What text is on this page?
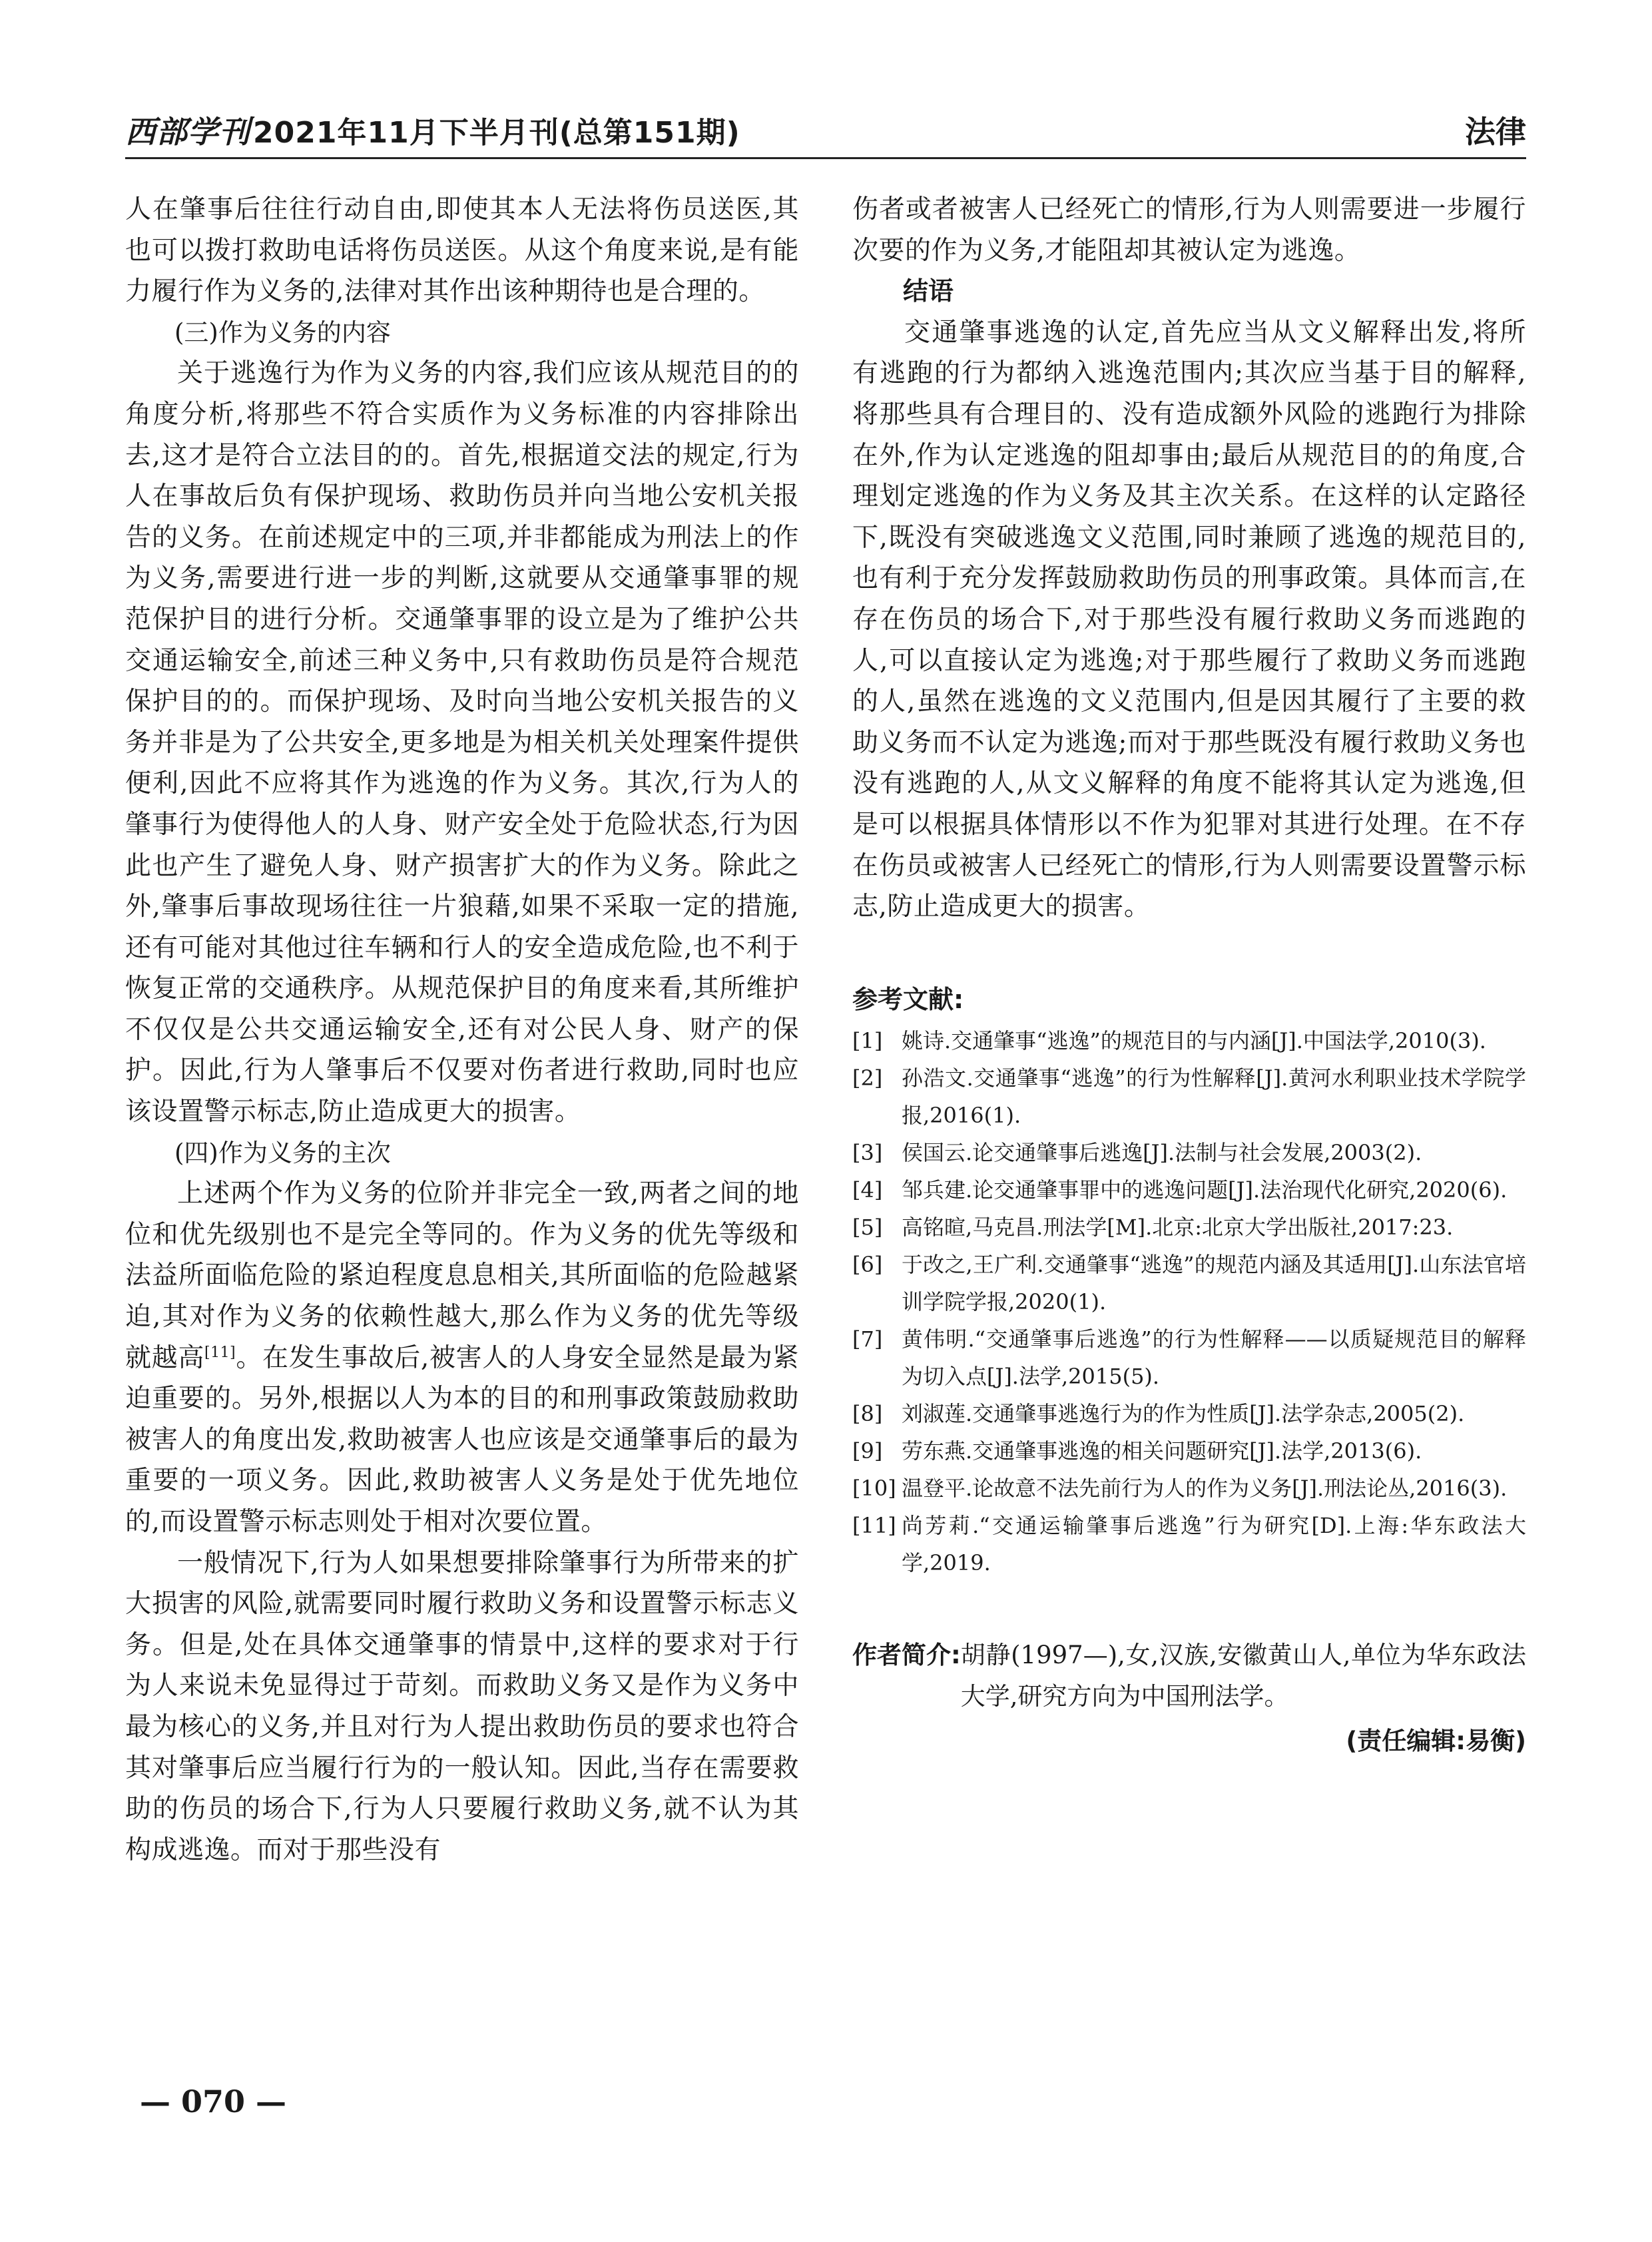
西部学刊2021年11月下半月刊(总第151期)	法律

人在肇事后往往行动自由,即使其本人无法将伤员送医,其也可以拨打救助电话将伤员送医。从这个角度来说,是有能力履行作为义务的,法律对其作出该种期待也是合理的。

(三)作为义务的内容

关于逃逸行为作为义务的内容,我们应该从规范目的的角度分析,将那些不符合实质作为义务标准的内容排除出去,这才是符合立法目的的。首先,根据道交法的规定,行为人在事故后负有保护现场、救助伤员并向当地公安机关报告的义务。在前述规定中的三项,并非都能成为刑法上的作为义务,需要进行进一步的判断,这就要从交通肇事罪的规范保护目的进行分析。交通肇事罪的设立是为了维护公共交通运输安全,前述三种义务中,只有救助伤员是符合规范保护目的的。而保护现场、及时向当地公安机关报告的义务并非是为了公共安全,更多地是为相关机关处理案件提供便利,因此不应将其作为逃逸的作为义务。其次,行为人的肇事行为使得他人的人身、财产安全处于危险状态,行为因此也产生了避免人身、财产损害扩大的作为义务。除此之外,肇事后事故现场往往一片狼藉,如果不采取一定的措施,还有可能对其他过往车辆和行人的安全造成危险,也不利于恢复正常的交通秩序。从规范保护目的角度来看,其所维护不仅仅是公共交通运输安全,还有对公民人身、财产的保护。因此,行为人肇事后不仅要对伤者进行救助,同时也应该设置警示标志,防止造成更大的损害。

(四)作为义务的主次

上述两个作为义务的位阶并非完全一致,两者之间的地位和优先级别也不是完全等同的。作为义务的优先等级和法益所面临危险的紧迫程度息息相关,其所面临的危险越紧迫,其对作为义务的依赖性越大,那么作为义务的优先等级就越高[11]。在发生事故后,被害人的人身安全显然是最为紧迫重要的。另外,根据以人为本的目的和刑事政策鼓励救助被害人的角度出发,救助被害人也应该是交通肇事后的最为重要的一项义务。因此,救助被害人义务是处于优先地位的,而设置警示标志则处于相对次要位置。

一般情况下,行为人如果想要排除肇事行为所带来的扩大损害的风险,就需要同时履行救助义务和设置警示标志义务。但是,处在具体交通肇事的情景中,这样的要求对于行为人来说未免显得过于苛刻。而救助义务又是作为义务中最为核心的义务,并且对行为人提出救助伤员的要求也符合其对肇事后应当履行行为的一般认知。因此,当存在需要救助的伤员的场合下,行为人只要履行救助义务,就不认为其构成逃逸。而对于那些没有

伤者或者被害人已经死亡的情形,行为人则需要进一步履行次要的作为义务,才能阻却其被认定为逃逸。

结语

交通肇事逃逸的认定,首先应当从文义解释出发,将所有逃跑的行为都纳入逃逸范围内;其次应当基于目的解释,将那些具有合理目的、没有造成额外风险的逃跑行为排除在外,作为认定逃逸的阻却事由;最后从规范目的的角度,合理划定逃逸的作为义务及其主次关系。在这样的认定路径下,既没有突破逃逸文义范围,同时兼顾了逃逸的规范目的,也有利于充分发挥鼓励救助伤员的刑事政策。具体而言,在存在伤员的场合下,对于那些没有履行救助义务而逃跑的人,可以直接认定为逃逸;对于那些履行了救助义务而逃跑的人,虽然在逃逸的文义范围内,但是因其履行了主要的救助义务而不认定为逃逸;而对于那些既没有履行救助义务也没有逃跑的人,从文义解释的角度不能将其认定为逃逸,但是可以根据具体情形以不作为犯罪对其进行处理。在不存在伤员或被害人已经死亡的情形,行为人则需要设置警示标志,防止造成更大的损害。

参考文献:
[1] 姚诗.交通肇事“逃逸”的规范目的与内涵[J].中国法学,2010(3).
[2] 孙浩文.交通肇事“逃逸”的行为性解释[J].黄河水利职业技术学院学报,2016(1).
[3] 侯国云.论交通肇事后逃逸[J].法制与社会发展,2003(2).
[4] 邹兵建.论交通肇事罪中的逃逸问题[J].法治现代化研究,2020(6).
[5] 高铭暄,马克昌.刑法学[M].北京:北京大学出版社,2017:23.
[6] 于改之,王广利.交通肇事“逃逸”的规范内涵及其适用[J].山东法官培训学院学报,2020(1).
[7] 黄伟明.“交通肇事后逃逸”的行为性解释——以质疑规范目的解释为切入点[J].法学,2015(5).
[8] 刘淑莲.交通肇事逃逸行为的作为性质[J].法学杂志,2005(2).
[9] 劳东燕.交通肇事逃逸的相关问题研究[J].法学,2013(6).
[10] 温登平.论故意不法先前行为人的作为义务[J].刑法论丛,2016(3).
[11] 尚芳莉.“交通运输肇事后逃逸”行为研究[D].上海:华东政法大学,2019.
作者简介: 胡静(1997—),女,汉族,安徽黄山人,单位为华东政法大学,研究方向为中国刑法学。
(责任编辑:易衡)
— 070 —
